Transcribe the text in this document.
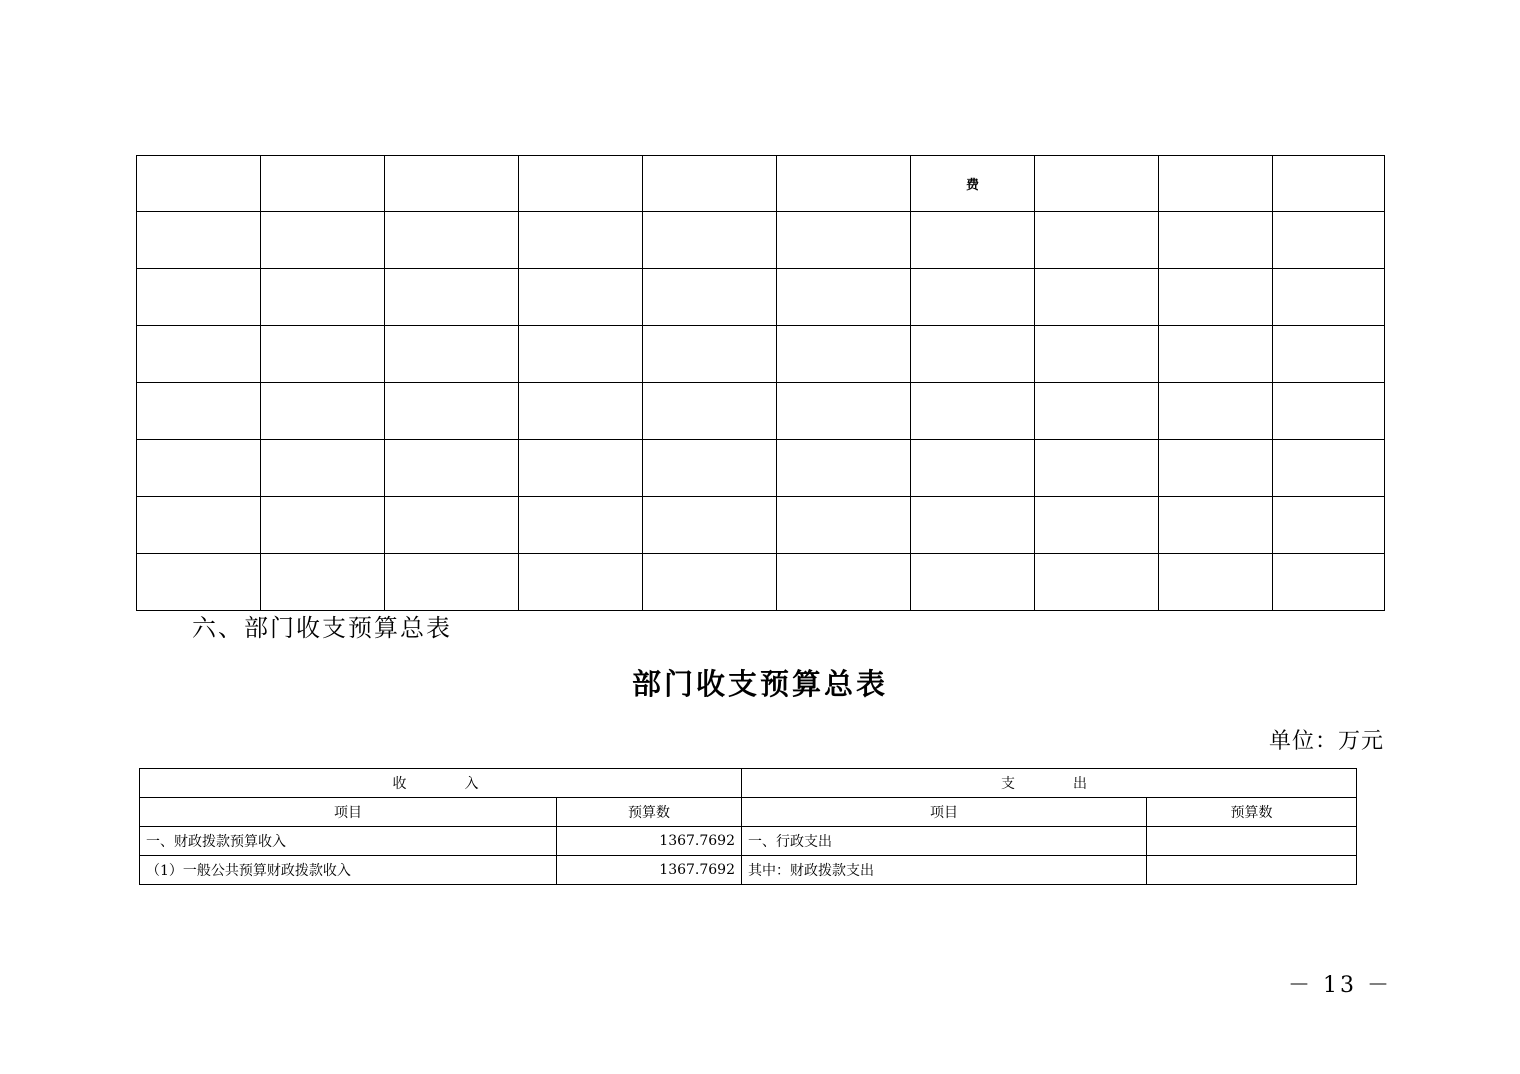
						费			

六、部门收支预算总表
部门收支预算总表
单位：万元
收　　入		支　　出	
项目	预算数	项目	预算数
一、财政拨款预算收入	1367.7692	一、行政支出	
（1）一般公共预算财政拨款收入	1367.7692	其中：财政拨款支出	
－ 13 －
